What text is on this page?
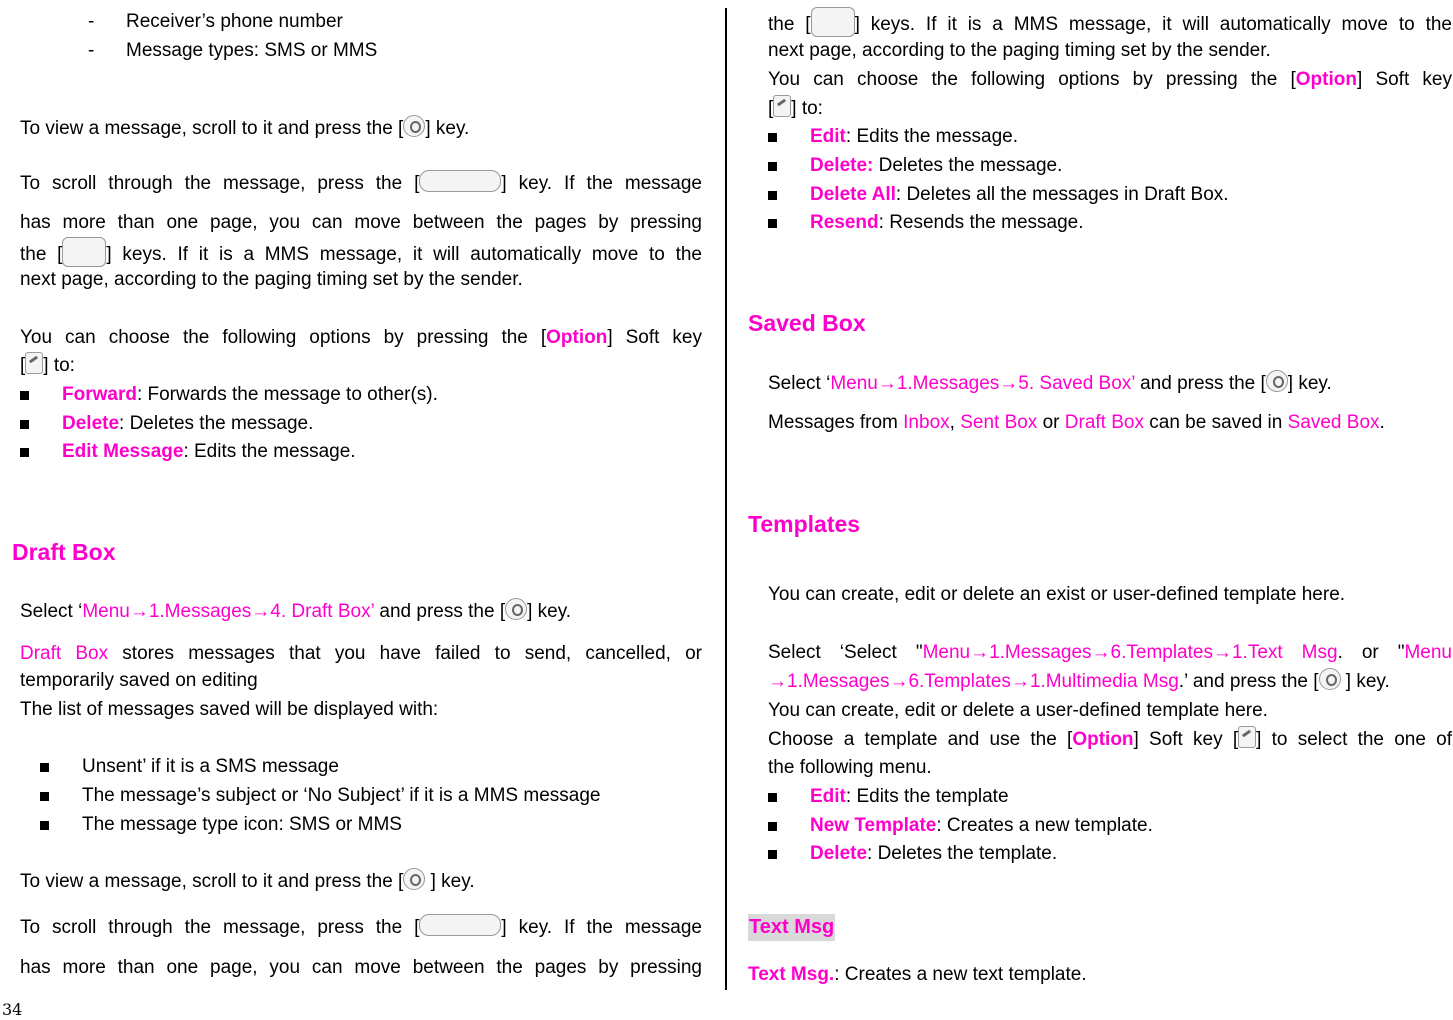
-      Receiver’s phone number
-      Message types: SMS or MMS
To view a message, scroll to it and press the [ ] key.
To scroll through the message, press the [	] key. If the message
has more than one page, you can move between the pages by pressing
the [ ] keys. If it is a MMS message, it will automatically move to the
next page, according to the paging timing set by the sender.
You can choose the following options by pressing the [Option] Soft key
[ ] to:
Forward: Forwards the message to other(s).
Delete: Deletes the message.
Edit Message: Edits the message.
Draft Box
Select ‘Menu→1.Messages→4. Draft Box’ and press the [ ] key.
Draft Box stores messages that you have failed to send, cancelled, or
temporarily saved on editing
The list of messages saved will be displayed with:
Unsent’ if it is a SMS message
The message’s subject or ‘No Subject’ if it is a MMS message
The message type icon: SMS or MMS
To view a message, scroll to it and press the [ ] key.
To scroll through the message, press the [	] key. If the message
has more than one page, you can move between the pages by pressing
the [ ] keys. If it is a MMS message, it will automatically move to the
next page, according to the paging timing set by the sender.
You can choose the following options by pressing the [Option] Soft key
[ ] to:
Edit: Edits the message.
Delete: Deletes the message.
Delete All: Deletes all the messages in Draft Box.
Resend: Resends the message.
Saved Box
Select ‘Menu→1.Messages→5. Saved Box’ and press the [ ] key.
Messages from Inbox, Sent Box or Draft Box can be saved in Saved Box.
Templates
You can create, edit or delete an exist or user-defined template here.
Select ‘Select "Menu→1.Messages→6.Templates→1.Text Msg. or "Menu
→1.Messages→6.Templates→1.Multimedia Msg.’ and press the [ ] key.
You can create, edit or delete a user-defined template here.
Choose a template and use the [Option] Soft key [ ] to select the one of
the following menu.
Edit: Edits the template
New Template: Creates a new template.
Delete: Deletes the template.
Text Msg
Text Msg.: Creates a new text template.
34
